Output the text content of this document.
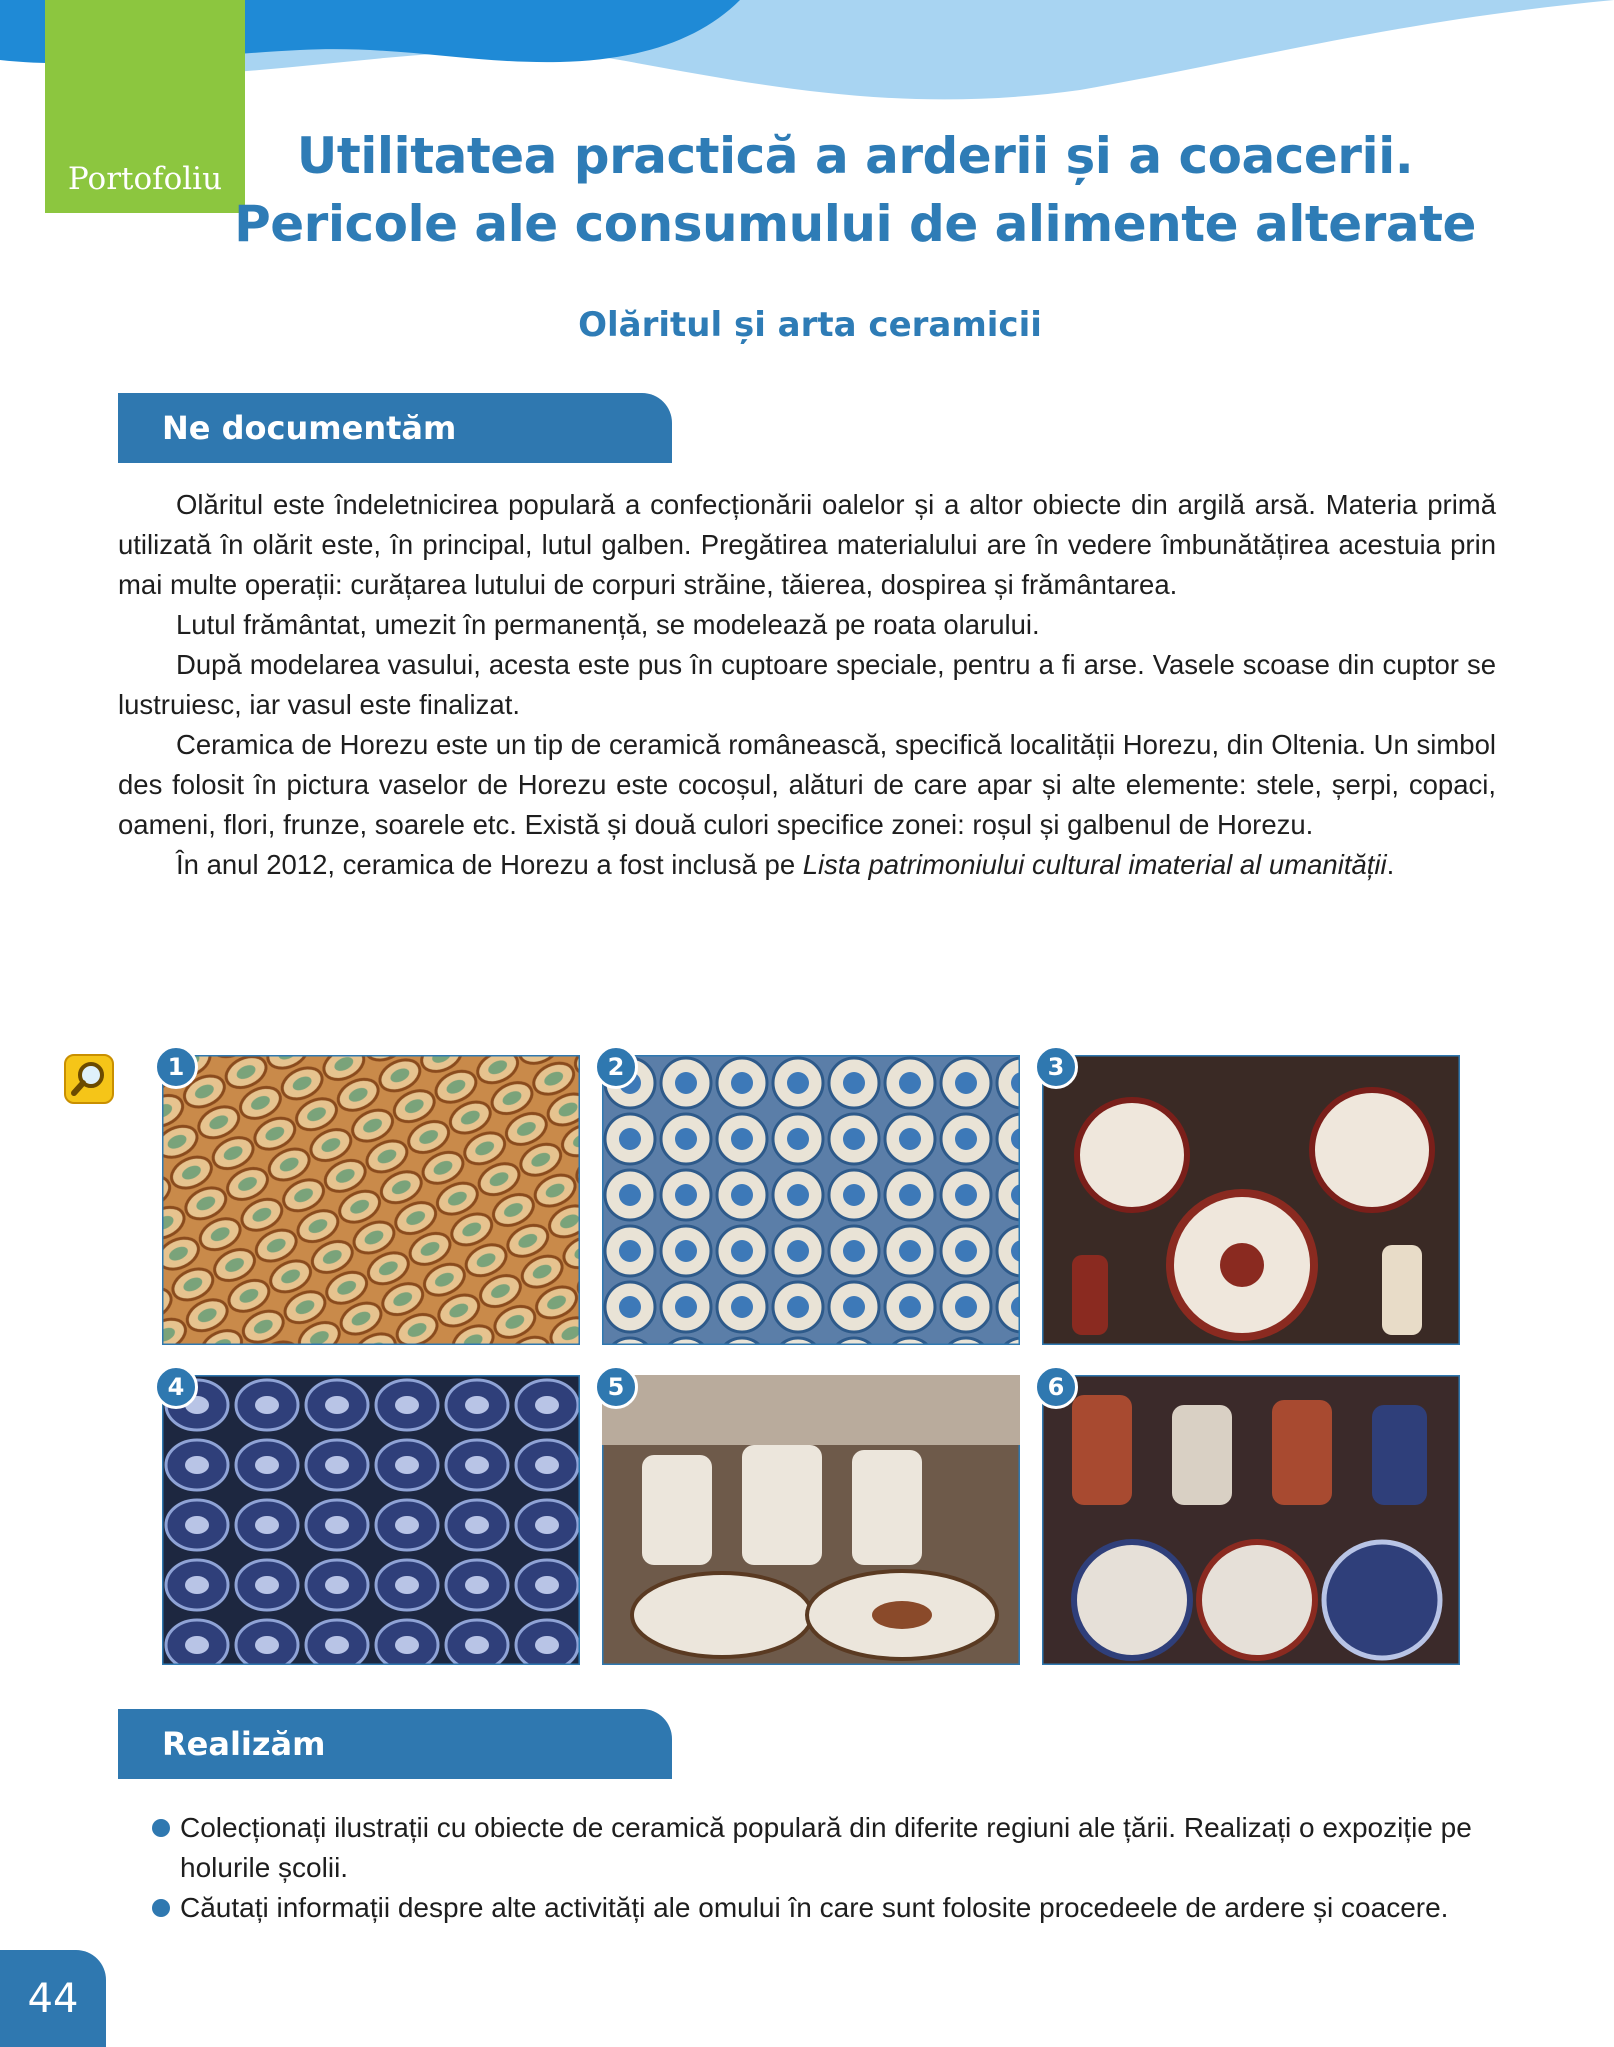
Portofoliu	Utilitatea practică a arderii și a coacerii.
Pericole ale consumului de alimente alterate
Olăritul și arta ceramicii
Ne documentăm

Olăritul este îndeletnicirea populară a confecționării oalelor și a altor obiecte din argilă arsă. Materia primă utilizată în olărit este, în principal, lutul galben. Pregătirea materialului are în vedere îmbunătățirea acestuia prin mai multe operații: curățarea lutului de corpuri străine, tăierea, dospirea și frământarea.

Lutul frământat, umezit în permanență, se modelează pe roata olarului.

După modelarea vasului, acesta este pus în cuptoare speciale, pentru a fi arse. Vasele scoase din cuptor se lustruiesc, iar vasul este finalizat.

Ceramica de Horezu este un tip de ceramică românească, specifică localității Horezu, din Oltenia. Un simbol des folosit în pictura vaselor de Horezu este cocoșul, alături de care apar și alte elemente: stele, șerpi, copaci, oameni, flori, frunze, soarele etc. Există și două culori specifice zonei: roșul și galbenul de Horezu.

În anul 2012, ceramica de Horezu a fost inclusă pe Lista patrimoniului cultural imaterial al umanității.

1	2	3
4	5	6
Realizăm
Colecționați ilustrații cu obiecte de ceramică populară din diferite regiuni ale țării. Realizați o expoziție pe holurile școlii.
Căutați informații despre alte activități ale omului în care sunt folosite procedeele de ardere și coacere.
44
